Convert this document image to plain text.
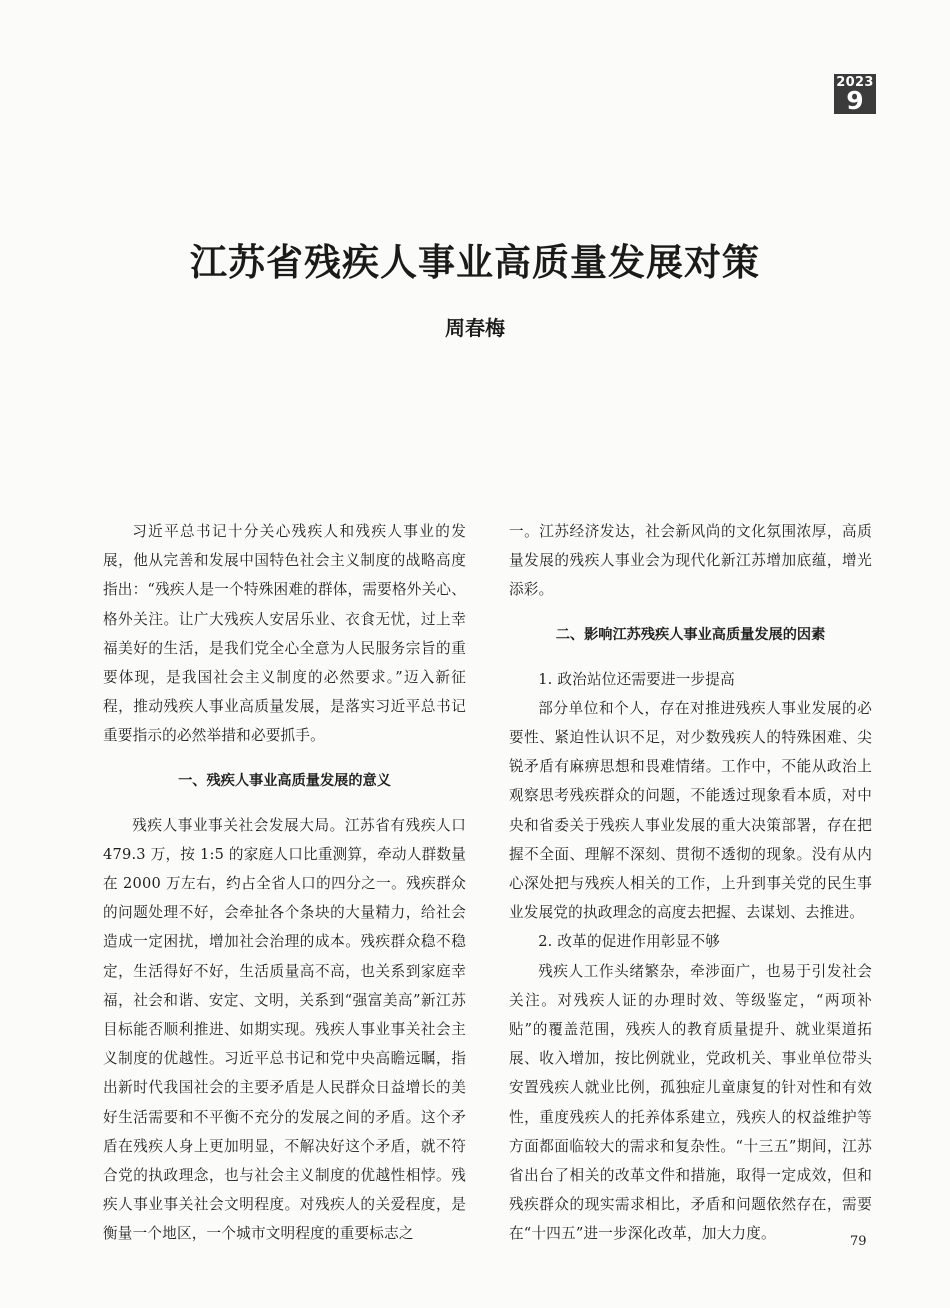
2023
9
江苏省残疾人事业高质量发展对策
周春梅

习近平总书记十分关心残疾人和残疾人事业的发展，他从完善和发展中国特色社会主义制度的战略高度指出：“残疾人是一个特殊困难的群体，需要格外关心、格外关注。让广大残疾人安居乐业、衣食无忧，过上幸福美好的生活，是我们党全心全意为人民服务宗旨的重要体现，是我国社会主义制度的必然要求。”迈入新征程，推动残疾人事业高质量发展，是落实习近平总书记重要指示的必然举措和必要抓手。

一、残疾人事业高质量发展的意义

残疾人事业事关社会发展大局。江苏省有残疾人口 479.3 万，按 1:5 的家庭人口比重测算，牵动人群数量在 2000 万左右，约占全省人口的四分之一。残疾群众的问题处理不好，会牵扯各个条块的大量精力，给社会造成一定困扰，增加社会治理的成本。残疾群众稳不稳定，生活得好不好，生活质量高不高，也关系到家庭幸福，社会和谐、安定、文明，关系到“强富美高”新江苏目标能否顺利推进、如期实现。残疾人事业事关社会主义制度的优越性。习近平总书记和党中央高瞻远瞩，指出新时代我国社会的主要矛盾是人民群众日益增长的美好生活需要和不平衡不充分的发展之间的矛盾。这个矛盾在残疾人身上更加明显，不解决好这个矛盾，就不符合党的执政理念，也与社会主义制度的优越性相悖。残疾人事业事关社会文明程度。对残疾人的关爱程度，是衡量一个地区，一个城市文明程度的重要标志之

一。江苏经济发达，社会新风尚的文化氛围浓厚，高质量发展的残疾人事业会为现代化新江苏增加底蕴，增光添彩。

二、影响江苏残疾人事业高质量发展的因素

1. 政治站位还需要进一步提高

部分单位和个人，存在对推进残疾人事业发展的必要性、紧迫性认识不足，对少数残疾人的特殊困难、尖锐矛盾有麻痹思想和畏难情绪。工作中，不能从政治上观察思考残疾群众的问题，不能透过现象看本质，对中央和省委关于残疾人事业发展的重大决策部署，存在把握不全面、理解不深刻、贯彻不透彻的现象。没有从内心深处把与残疾人相关的工作，上升到事关党的民生事业发展党的执政理念的高度去把握、去谋划、去推进。

2. 改革的促进作用彰显不够

残疾人工作头绪繁杂，牵涉面广，也易于引发社会关注。对残疾人证的办理时效、等级鉴定，“两项补贴”的覆盖范围，残疾人的教育质量提升、就业渠道拓展、收入增加，按比例就业，党政机关、事业单位带头安置残疾人就业比例，孤独症儿童康复的针对性和有效性，重度残疾人的托养体系建立，残疾人的权益维护等方面都面临较大的需求和复杂性。“十三五”期间，江苏省出台了相关的改革文件和措施，取得一定成效，但和残疾群众的现实需求相比，矛盾和问题依然存在，需要在“十四五”进一步深化改革，加大力度。	79
